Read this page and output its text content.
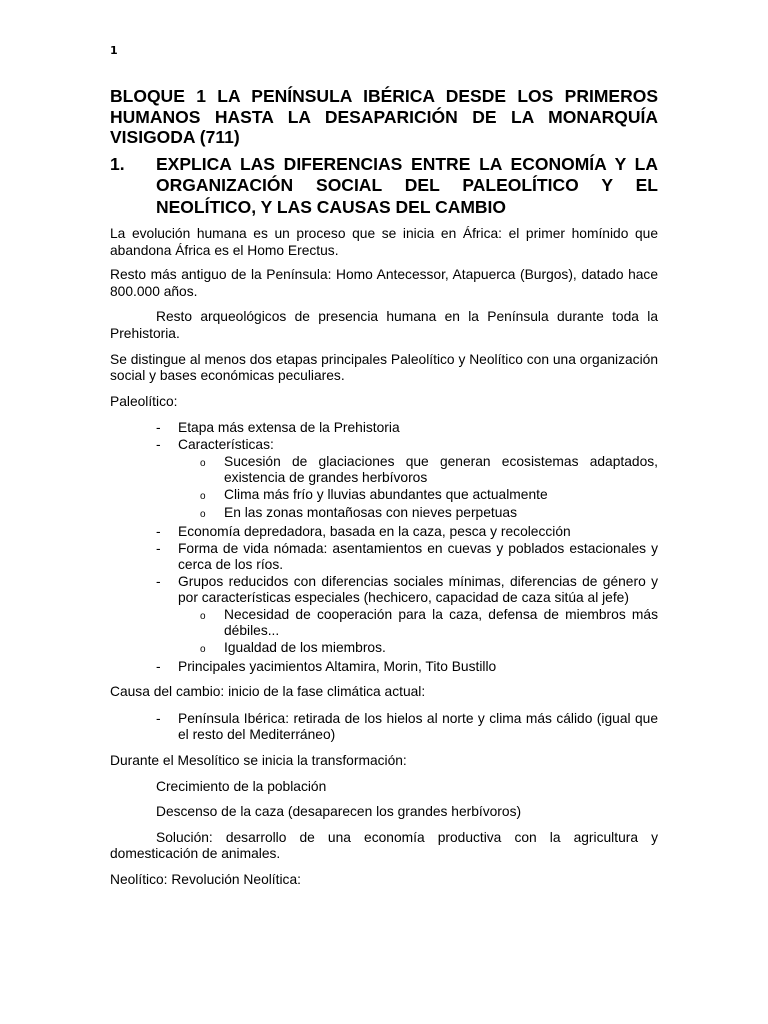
1
BLOQUE 1 LA PENÍNSULA IBÉRICA DESDE LOS PRIMEROS HUMANOS HASTA LA DESAPARICIÓN DE LA MONARQUÍA VISIGODA (711)
1.	EXPLICA LAS DIFERENCIAS ENTRE LA ECONOMÍA Y LA ORGANIZACIÓN SOCIAL DEL PALEOLÍTICO Y EL NEOLÍTICO, Y LAS CAUSAS DEL CAMBIO

La evolución humana es un proceso que se inicia en África: el primer homínido que abandona África es el Homo Erectus.

Resto más antiguo de la Península: Homo Antecessor, Atapuerca (Burgos), datado hace 800.000 años.

Resto arqueológicos de presencia humana en la Península durante toda la Prehistoria.

Se distingue al menos dos etapas principales Paleolítico y Neolítico con una organización social y bases económicas peculiares.

Paleolítico:

-	Etapa más extensa de la Prehistoria
-	Características:
o	Sucesión de glaciaciones que generan ecosistemas adaptados, existencia de grandes herbívoros
o	Clima más frío y lluvias abundantes que actualmente
o	En las zonas montañosas con nieves perpetuas
-	Economía depredadora, basada en la caza, pesca y recolección
-	Forma de vida nómada: asentamientos en cuevas y poblados estacionales y cerca de los ríos.
-	Grupos reducidos con diferencias sociales mínimas, diferencias de género y por características especiales (hechicero, capacidad de caza sitúa al jefe)
o	Necesidad de cooperación para la caza, defensa de miembros más débiles...
o	Igualdad de los miembros.
-	Principales yacimientos Altamira, Morin, Tito Bustillo

Causa del cambio: inicio de la fase climática actual:

-	Península Ibérica: retirada de los hielos al norte y clima más cálido (igual que el resto del Mediterráneo)

Durante el Mesolítico se inicia la transformación:

Crecimiento de la población

Descenso de la caza (desaparecen los grandes herbívoros)

Solución: desarrollo de una economía productiva con la agricultura y domesticación de animales.

Neolítico: Revolución Neolítica:
